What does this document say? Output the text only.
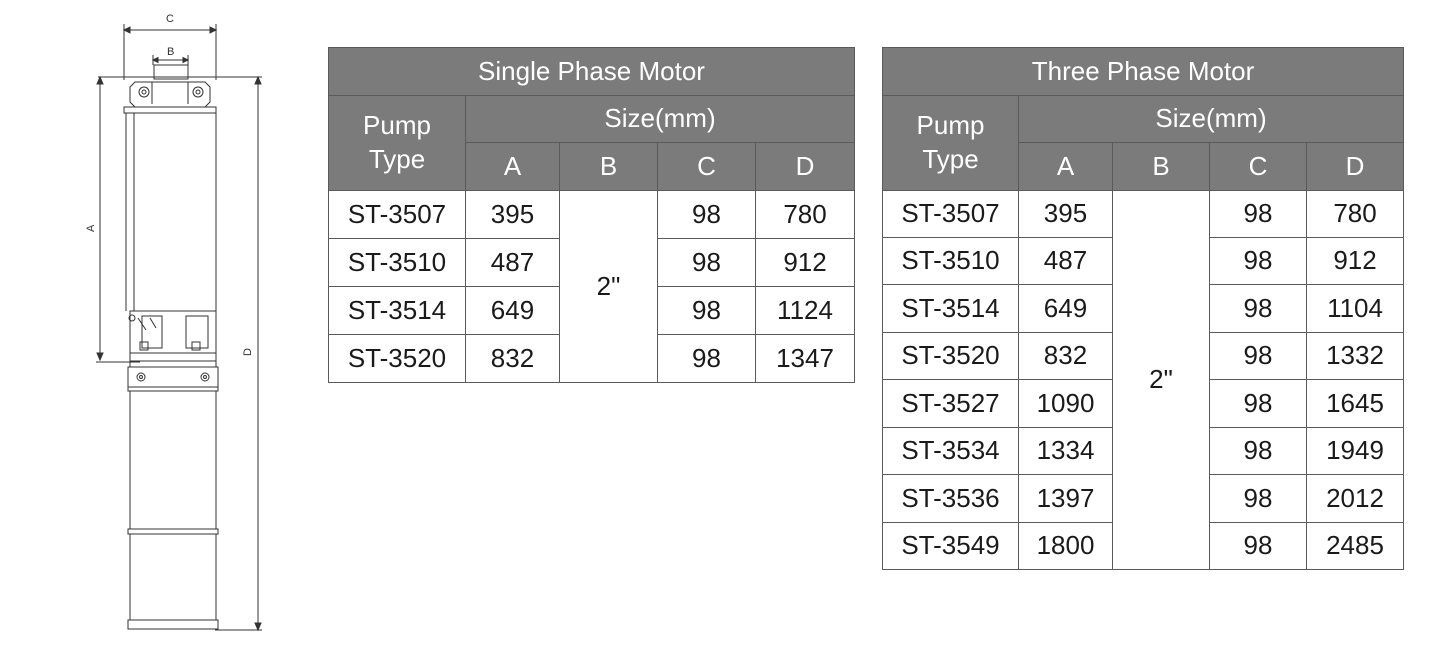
C
B
A
D
Single Phase Motor				
Pump
Type	Size(mm)			
	A	B	C	D
ST-3507	395	2"	98	780
ST-3510	487		98	912
ST-3514	649		98	1124
ST-3520	832		98	1347
Three Phase Motor				
Pump
Type	Size(mm)			
	A	B	C	D
ST-3507	395	2"	98	780
ST-3510	487		98	912
ST-3514	649		98	1104
ST-3520	832		98	1332
ST-3527	1090		98	1645
ST-3534	1334		98	1949
ST-3536	1397		98	2012
ST-3549	1800		98	2485
